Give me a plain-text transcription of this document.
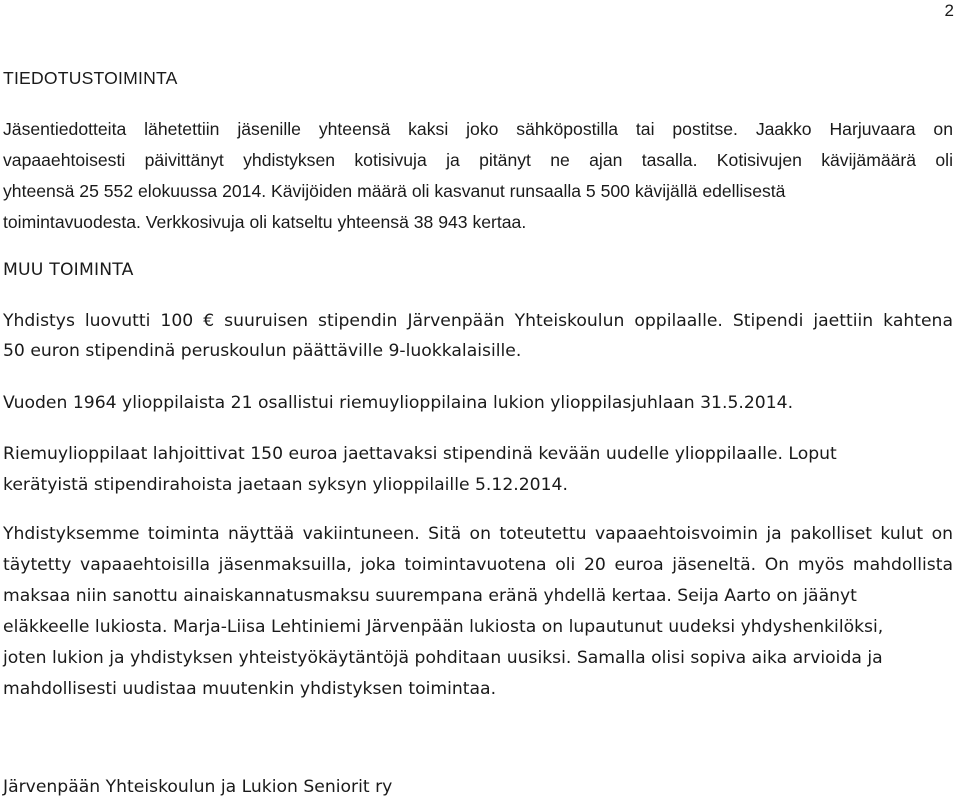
2
TIEDOTUSTOIMINTA
Jäsentiedotteita lähetettiin jäsenille yhteensä kaksi joko sähköpostilla tai postitse. Jaakko Harjuvaara on
vapaaehtoisesti päivittänyt yhdistyksen kotisivuja ja pitänyt ne ajan tasalla. Kotisivujen kävijämäärä oli
yhteensä 25 552 elokuussa 2014. Kävijöiden määrä oli kasvanut runsaalla 5 500 kävijällä edellisestä
toimintavuodesta. Verkkosivuja oli katseltu yhteensä 38 943 kertaa.
MUU TOIMINTA
Yhdistys luovutti 100 € suuruisen stipendin Järvenpään Yhteiskoulun oppilaalle. Stipendi jaettiin kahtena
50 euron stipendinä peruskoulun päättäville 9-luokkalaisille.
Vuoden 1964 ylioppilaista 21 osallistui riemuylioppilaina lukion ylioppilasjuhlaan 31.5.2014.
Riemuylioppilaat lahjoittivat 150 euroa jaettavaksi stipendinä kevään uudelle ylioppilaalle. Loput
kerätyistä stipendirahoista jaetaan syksyn ylioppilaille 5.12.2014.
Yhdistyksemme toiminta näyttää vakiintuneen. Sitä on toteutettu vapaaehtoisvoimin ja pakolliset kulut on
täytetty vapaaehtoisilla jäsenmaksuilla, joka toimintavuotena oli 20 euroa jäseneltä. On myös mahdollista
maksaa niin sanottu ainaiskannatusmaksu suurempana eränä yhdellä kertaa. Seija Aarto on jäänyt
eläkkeelle lukiosta. Marja-Liisa Lehtiniemi Järvenpään lukiosta on lupautunut uudeksi yhdyshenkilöksi,
joten lukion ja yhdistyksen yhteistyökäytäntöjä pohditaan uusiksi. Samalla olisi sopiva aika arvioida ja
mahdollisesti uudistaa muutenkin yhdistyksen toimintaa.
Järvenpään Yhteiskoulun ja Lukion Seniorit ry
